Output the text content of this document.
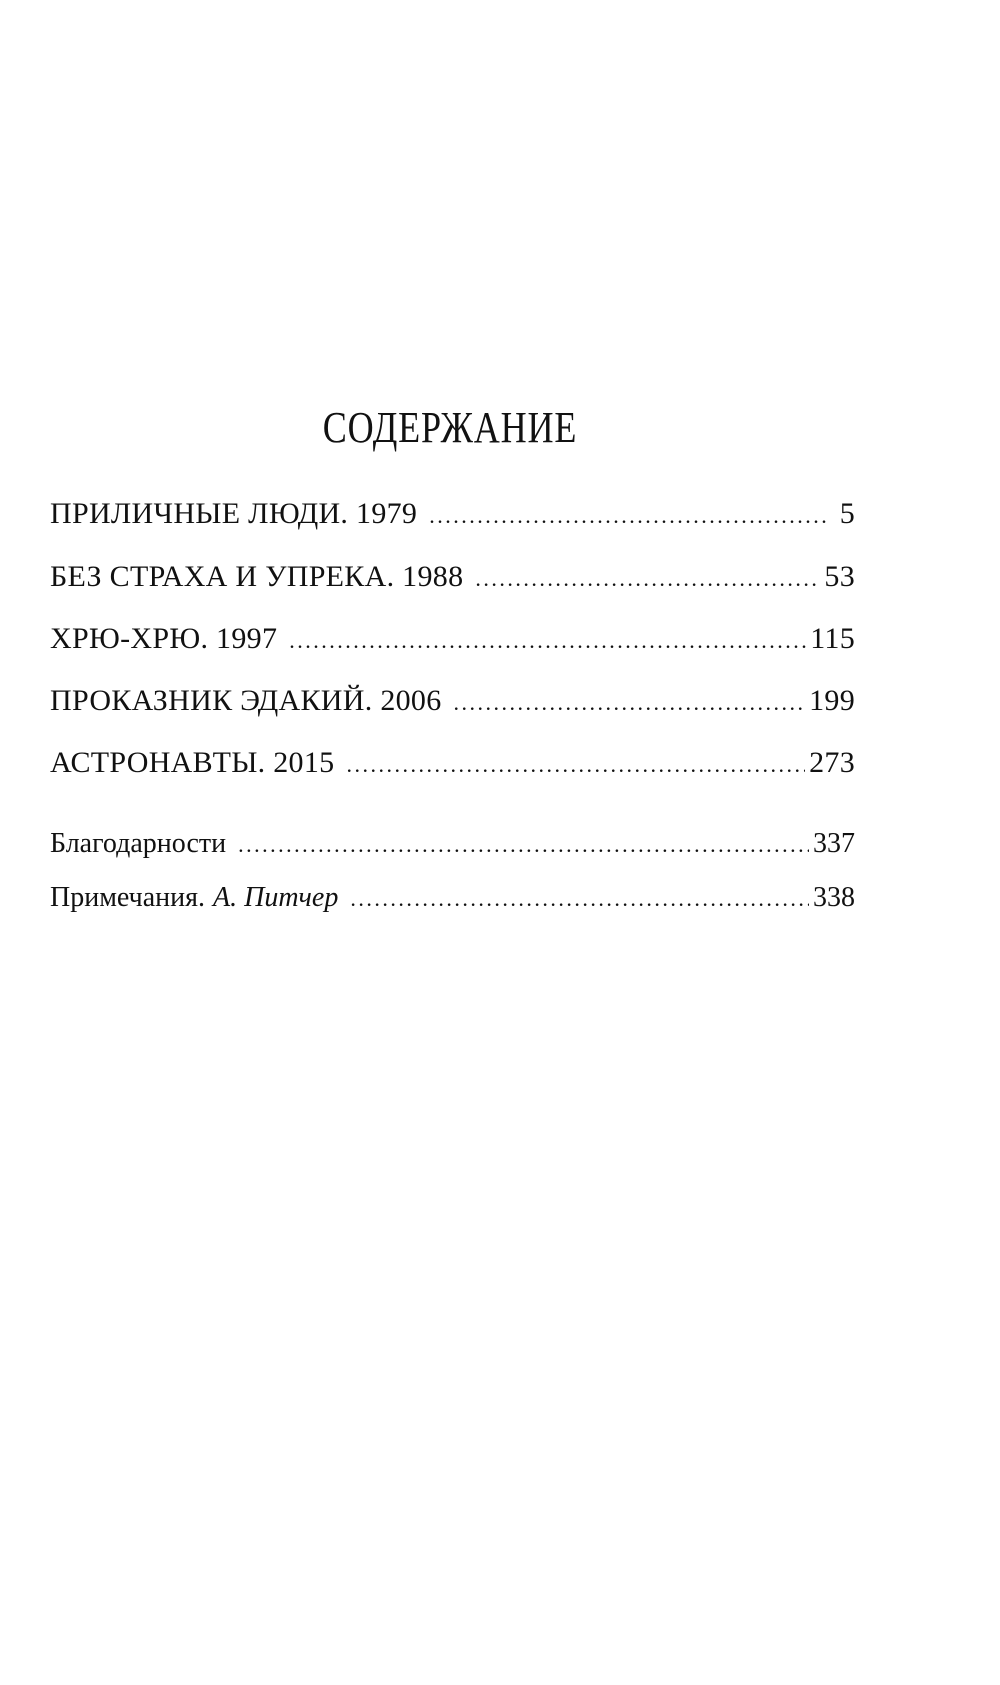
СОДЕРЖАНИЕ
ПРИЛИЧНЫЕ ЛЮДИ. 1979 . . .	5
БЕЗ СТРАХА И УПРЕКА. 1988 . . .	53
ХРЮ-ХРЮ. 1997 . . .	115
ПРОКАЗНИК ЭДАКИЙ. 2006 . . .	199
АСТРОНАВТЫ. 2015 . . .	273
Благодарности . . .	337
Примечания. А. Питчер . . .	338
